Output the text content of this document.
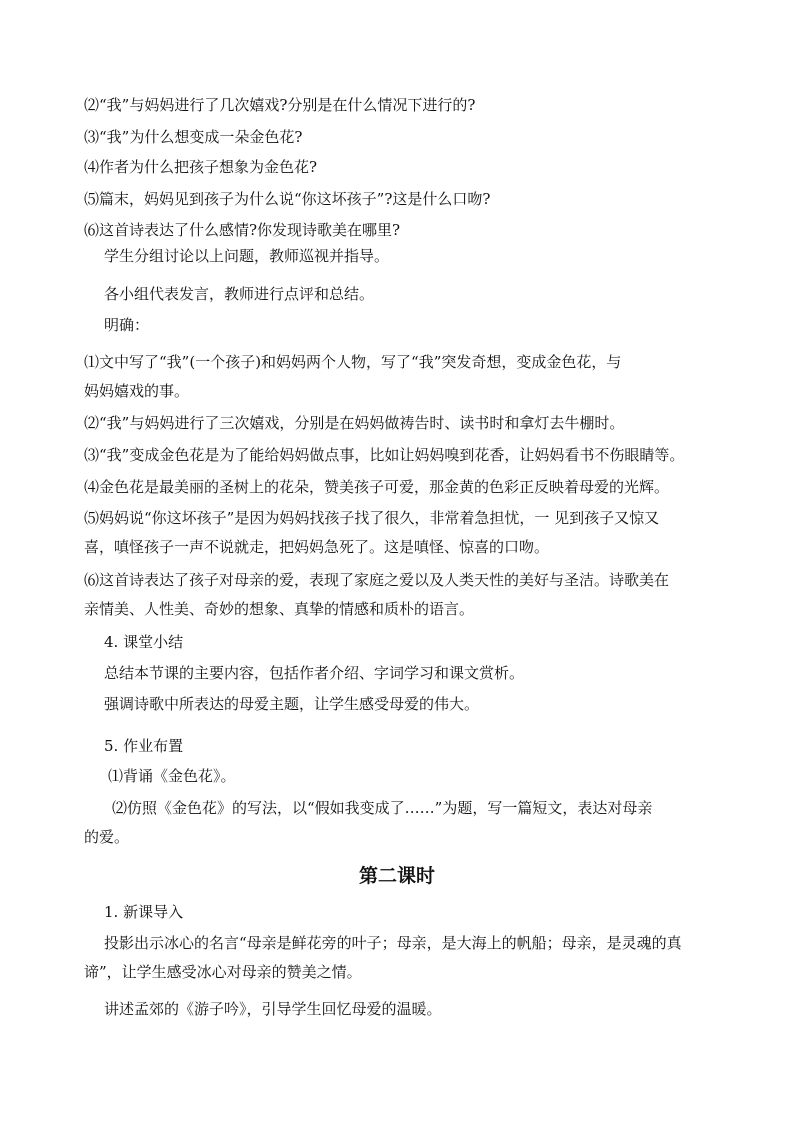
⑵“我”与妈妈进行了几次嬉戏?分别是在什么情况下进行的?
⑶“我”为什么想变成一朵金色花?
⑷作者为什么把孩子想象为金色花?
⑸篇末，妈妈见到孩子为什么说“你这坏孩子”?这是什么口吻?
⑹这首诗表达了什么感情?你发现诗歌美在哪里?
学生分组讨论以上问题，教师巡视并指导。
各小组代表发言，教师进行点评和总结。
明确：
⑴文中写了“我”(一个孩子)和妈妈两个人物，写了“我”突发奇想，变成金色花，与
妈妈嬉戏的事。
⑵“我”与妈妈进行了三次嬉戏，分别是在妈妈做祷告时、读书时和拿灯去牛棚时。
⑶“我”变成金色花是为了能给妈妈做点事，比如让妈妈嗅到花香，让妈妈看书不伤眼睛等。
⑷金色花是最美丽的圣树上的花朵，赞美孩子可爱，那金黄的色彩正反映着母爱的光辉。
⑸妈妈说“你这坏孩子”是因为妈妈找孩子找了很久，非常着急担忧，一 见到孩子又惊又
喜，嗔怪孩子一声不说就走，把妈妈急死了。这是嗔怪、惊喜的口吻。
⑹这首诗表达了孩子对母亲的爱，表现了家庭之爱以及人类天性的美好与圣洁。诗歌美在
亲情美、人性美、奇妙的想象、真挚的情感和质朴的语言。
4. 课堂小结
总结本节课的主要内容，包括作者介绍、字词学习和课文赏析。
强调诗歌中所表达的母爱主题，让学生感受母爱的伟大。
5. 作业布置
⑴背诵《金色花》。
⑵仿照《金色花》的写法，以“假如我变成了……”为题，写一篇短文，表达对母亲
的爱。
第二课时
1. 新课导入
投影出示冰心的名言“母亲是鲜花旁的叶子；母亲，是大海上的帆船；母亲，是灵魂的真
谛”，让学生感受冰心对母亲的赞美之情。
讲述孟郊的《游子吟》，引导学生回忆母爱的温暖。
